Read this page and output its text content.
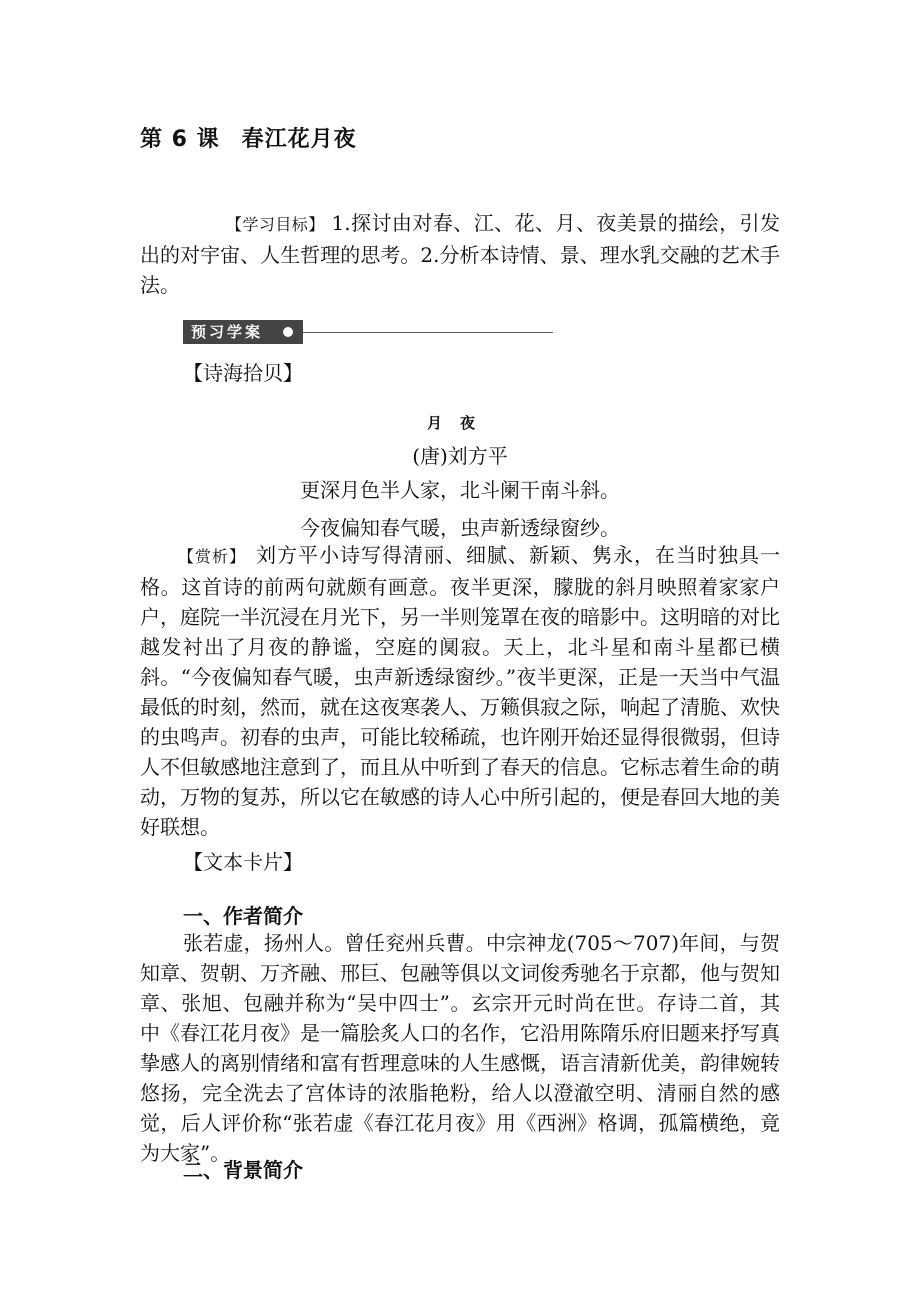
第 6 课 春江花月夜
【学习目标】 1.探讨由对春、江、花、月、夜美景的描绘，引发出的对宇宙、人生哲理的思考。2.分析本诗情、景、理水乳交融的艺术手法。
预习学案
【诗海拾贝】
月夜
(唐)刘方平
更深月色半人家，北斗阑干南斗斜。
今夜偏知春气暖，虫声新透绿窗纱。
【赏析】 刘方平小诗写得清丽、细腻、新颖、隽永，在当时独具一格。这首诗的前两句就颇有画意。夜半更深，朦胧的斜月映照着家家户户，庭院一半沉浸在月光下，另一半则笼罩在夜的暗影中。这明暗的对比越发衬出了月夜的静谧，空庭的阒寂。天上，北斗星和南斗星都已横斜。“今夜偏知春气暖，虫声新透绿窗纱。”夜半更深，正是一天当中气温最低的时刻，然而，就在这夜寒袭人、万籁俱寂之际，响起了清脆、欢快的虫鸣声。初春的虫声，可能比较稀疏，也许刚开始还显得很微弱，但诗人不但敏感地注意到了，而且从中听到了春天的信息。它标志着生命的萌动，万物的复苏，所以它在敏感的诗人心中所引起的，便是春回大地的美好联想。
【文本卡片】
一、作者简介
张若虚，扬州人。曾任兖州兵曹。中宗神龙(705～707)年间，与贺知章、贺朝、万齐融、邢巨、包融等俱以文词俊秀驰名于京都，他与贺知章、张旭、包融并称为“吴中四士”。玄宗开元时尚在世。存诗二首，其中《春江花月夜》是一篇脍炙人口的名作，它沿用陈隋乐府旧题来抒写真挚感人的离别情绪和富有哲理意味的人生感慨，语言清新优美，韵律婉转悠扬，完全洗去了宫体诗的浓脂艳粉，给人以澄澈空明、清丽自然的感觉，后人评价称“张若虚《春江花月夜》用《西洲》格调，孤篇横绝，竟为大家”。
二、背景简介
